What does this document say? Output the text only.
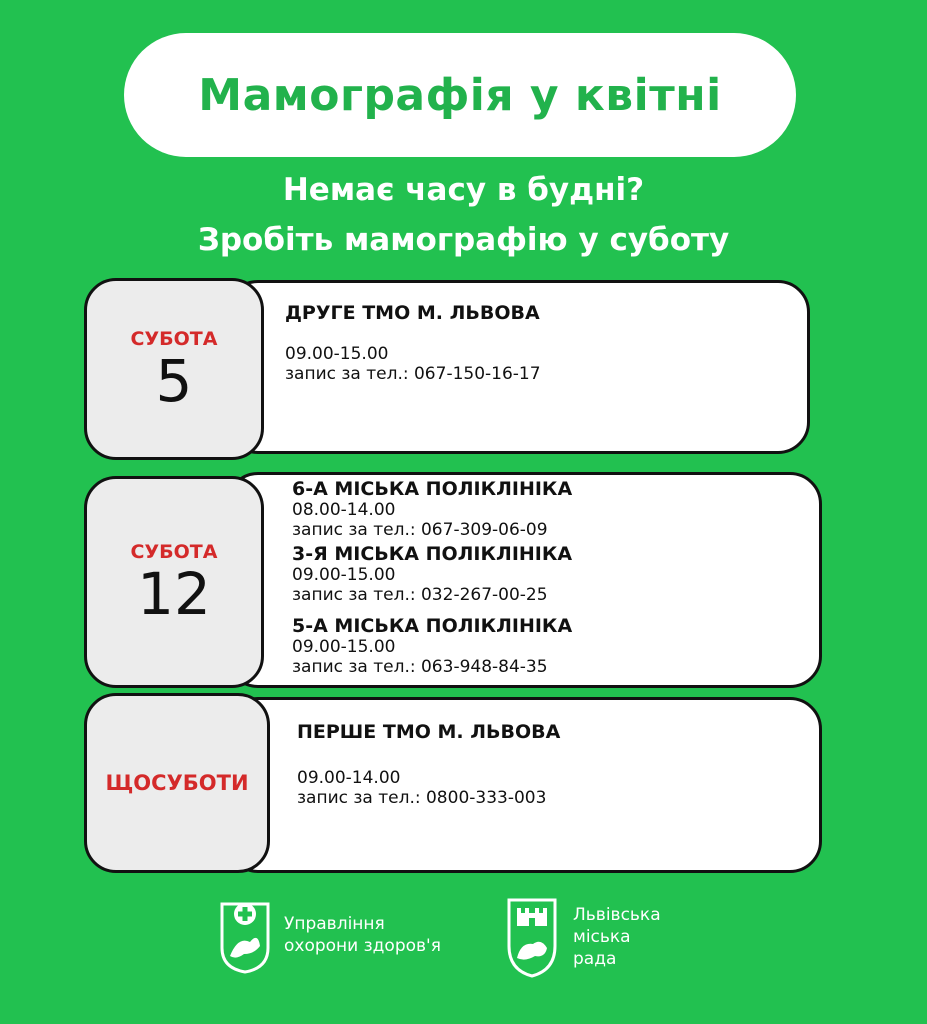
Мамографія у квітні
Немає часу в будні?
Зробіть мамографію у суботу
СУБОТА
5
ДРУГЕ ТМО М. ЛЬВОВА
09.00-15.00
запис за тел.: 067-150-16-17
СУБОТА
12
6-А МІСЬКА ПОЛІКЛІНІКА
08.00-14.00
запис за тел.: 067-309-06-09
3-Я МІСЬКА ПОЛІКЛІНІКА
09.00-15.00
запис за тел.: 032-267-00-25
5-А МІСЬКА ПОЛІКЛІНІКА
09.00-15.00
запис за тел.: 063-948-84-35
ЩОСУБОТИ
ПЕРШЕ ТМО М. ЛЬВОВА
09.00-14.00
запис за тел.: 0800-333-003
Управління
охорони здоров'я
Львівська
міська
рада
